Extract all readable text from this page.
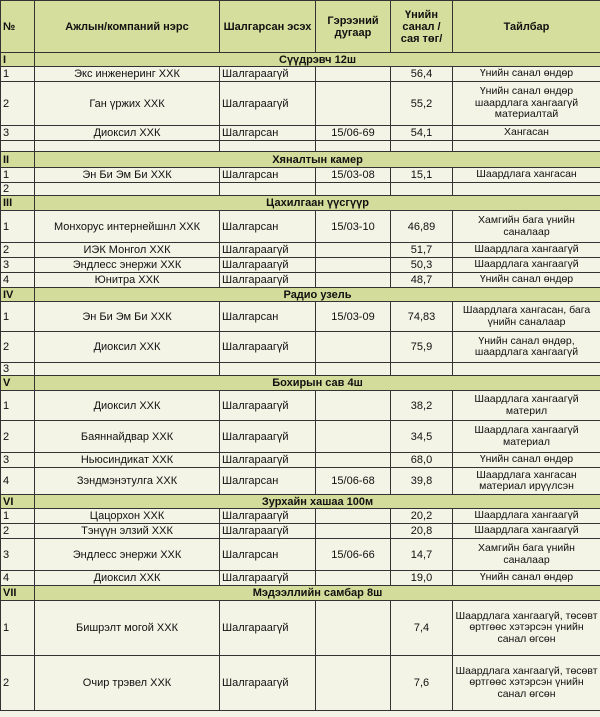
№	Ажлын/компаний нэрс	Шалгарсан эсэх	Гэрээний дугаар	Үнийн санал /сая төг/	Тайлбар
I	Сүүдрэвч 12ш				
1	Экс инженеринг ХХК	Шалгараагүй		56,4	Үнийн санал өндөр
2	Ган үржих ХХК	Шалгараагүй		55,2	Үнийн санал өндөр шаардлага хангаагүй материалтай
3	Диоксил ХХК	Шалгарсан	15/06-69	54,1	Хангасан

II	Хяналтын камер				
1	Эн Би Эм Би ХХК	Шалгарсан	15/03-08	15,1	Шаардлага хангасан
2					
III	Цахилгаан үүсгүүр				
1	Монхорус интернейшнл ХХК	Шалгарсан	15/03-10	46,89	Хамгийн бага үнийн саналаар
2	ИЭК Монгол ХХК	Шалгараагүй		51,7	Шаардлага хангаагүй
3	Эндлесс энержи ХХК	Шалгараагүй		50,3	Шаардлага хангаагүй
4	Юнитра ХХК	Шалгараагүй		48,7	Үнийн санал өндөр
IV	Радио узель				
1	Эн Би Эм Би ХХК	Шалгарсан	15/03-09	74,83	Шаардлага хангасан, бага үнийн саналаар
2	Диоксил ХХК	Шалгараагүй		75,9	Үнийн санал өндөр, шаардлага хангаагүй
3					
V	Бохирын сав 4ш				
1	Диоксил ХХК	Шалгараагүй		38,2	Шаардлага хангаагүй материл
2	Баяннайдвар ХХК	Шалгараагүй		34,5	Шаардлага хангаагүй материал
3	Ньюсиндикат ХХК	Шалгараагүй		68,0	Үнийн санал өндөр
4	Зэндмэнэтулга ХХК	Шалгарсан	15/06-68	39,8	Шаардлага хангасан материал ирүүлсэн
VI	Зурхайн хашаа 100м				
1	Цацорхон ХХК	Шалгараагүй		20,2	Шаардлага хангаагүй
2	Тэнүүн элзий ХХК	Шалгараагүй		20,8	Шаардлага хангаагүй
3	Эндлесс энержи ХХК	Шалгарсан	15/06-66	14,7	Хамгийн бага үнийн саналаар
4	Диоксил ХХК	Шалгараагүй		19,0	Үнийн санал өндөр
VII	Мэдээллийн самбар 8ш				
1	Бишрэлт могой ХХК	Шалгараагүй		7,4	Шаардлага хангаагүй, төсөвт өртгөөс хэтэрсэн үнийн санал өгсөн
2	Очир трэвел ХХК	Шалгараагүй		7,6	Шаардлага хангаагүй, төсөвт өртгөөс хэтэрсэн үнийн санал өгсөн
